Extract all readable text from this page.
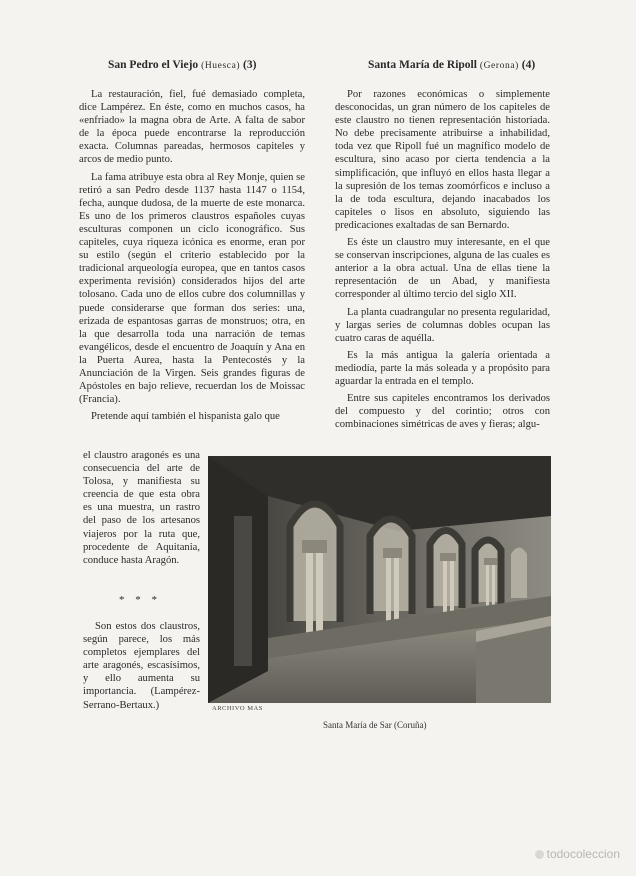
San Pedro el Viejo (Huesca) (3)	Santa María de Ripoll (Gerona) (4)

La restauración, fiel, fué demasiado completa, dice Lampérez. En éste, como en muchos casos, ha «enfriado» la magna obra de Arte. A falta de sabor de la época puede encontrarse la reproducción exacta. Columnas pareadas, hermosos capiteles y arcos de medio punto.

La fama atribuye esta obra al Rey Monje, quien se retiró a san Pedro desde 1137 hasta 1147 o 1154, fecha, aunque dudosa, de la muerte de este monarca. Es uno de los primeros claustros españoles cuyas esculturas componen un ciclo iconográfico. Sus capiteles, cuya riqueza icónica es enorme, eran por su estilo (según el criterio establecido por la tradicional arqueología europea, que en tantos casos experimenta revisión) considerados hijos del arte tolosano. Cada uno de ellos cubre dos columnillas y puede considerarse que forman dos series: una, erizada de espantosas garras de monstruos; otra, en la que desarrolla toda una narración de temas evangélicos, desde el encuentro de Joaquín y Ana en la Puerta Aurea, hasta la Pentecostés y la Anunciación de la Virgen. Seis grandes figuras de Apóstoles en bajo relieve, recuerdan los de Moissac (Francia).

Pretende aquí también el hispanista galo que

el claustro aragonés es una consecuencia del arte de Tolosa, y manifiesta su creencia de que esta obra es una muestra, un rastro del paso de los artesanos viajeros por la ruta que, procedente de Aquitania, conduce hasta Aragón.

* * *

Son estos dos claustros, según parece, los más completos ejemplares del arte aragonés, escasísimos, y ello aumenta su importancia. (Lampérez-Serrano-Bertaux.)

Por razones económicas o simplemente desconocidas, un gran número de los capiteles de este claustro no tienen representación historiada. No debe precisamente atribuirse a inhabilidad, toda vez que Ripoll fué un magnífico modelo de escultura, sino acaso por cierta tendencia a la simplificación, que influyó en ellos hasta llegar a la supresión de los temas zoomórficos e incluso a la de toda escultura, dejando inacabados los capiteles o lisos en absoluto, siguiendo las predicaciones exaltadas de san Bernardo.

Es éste un claustro muy interesante, en el que se conservan inscripciones, alguna de las cuales es anterior a la obra actual. Una de ellas tiene la representación de un Abad, y manifiesta corresponder al último tercio del siglo XII.

La planta cuadrangular no presenta regularidad, y largas series de columnas dobles ocupan las cuatro caras de aquélla.

Es la más antigua la galería orientada a mediodía, parte la más soleada y a propósito para aguardar la entrada en el templo.

Entre sus capiteles encontramos los derivados del compuesto y del corintio; otros con combinaciones simétricas de aves y fieras; algu-

ARCHIVO MAS
Santa María de Sar (Coruña)
todocoleccion
